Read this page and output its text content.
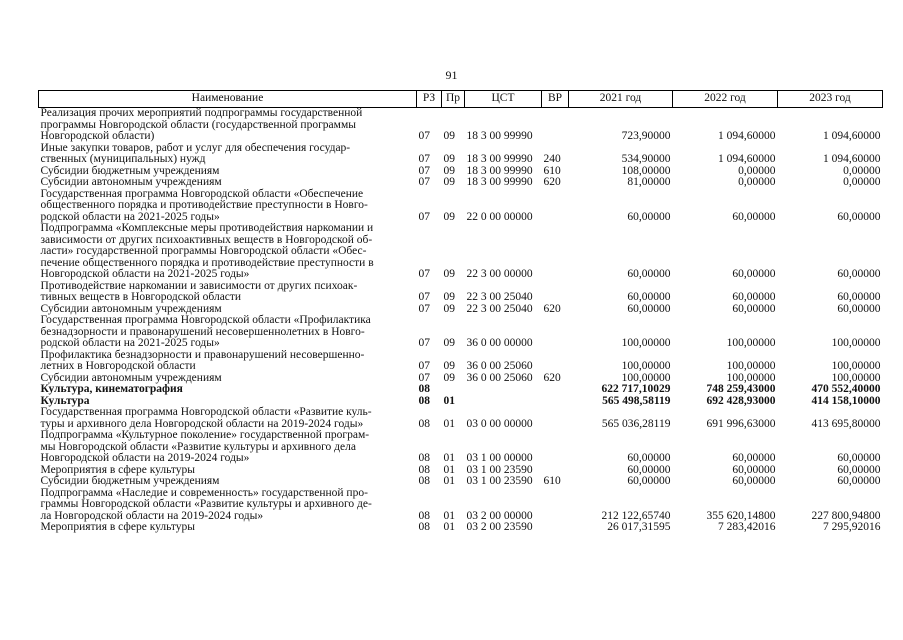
91
Наименование	РЗ	Пр	ЦСТ	ВР	2021 год	2022 год	2023 год

Реализация прочих мероприятий подпрограммы государственной
программы Новгородской области (государственной программы
Новгородской области)	07	09	18 3 00 99990		723,90000	1 094,60000	1 094,60000

Иные закупки товаров, работ и услуг для обеспечения государ-
ственных (муниципальных) нужд	07	09	18 3 00 99990	240	534,90000	1 094,60000	1 094,60000

Субсидии бюджетным учреждениям	07	09	18 3 00 99990	610	108,00000	0,00000	0,00000

Субсидии автономным учреждениям	07	09	18 3 00 99990	620	81,00000	0,00000	0,00000

Государственная программа Новгородской области «Обеспечение
общественного порядка и противодействие преступности в Новго-
родской области на 2021-2025 годы»	07	09	22 0 00 00000		60,00000	60,00000	60,00000

Подпрограмма «Комплексные меры противодействия наркомании и
зависимости от других психоактивных веществ в Новгородской об-
ласти» государственной программы Новгородской области «Обес-
печение общественного порядка и противодействие преступности в
Новгородской области на 2021-2025 годы»	07	09	22 3 00 00000		60,00000	60,00000	60,00000

Противодействие наркомании и зависимости от других психоак-
тивных веществ в Новгородской области	07	09	22 3 00 25040		60,00000	60,00000	60,00000

Субсидии автономным учреждениям	07	09	22 3 00 25040	620	60,00000	60,00000	60,00000

Государственная программа Новгородской области «Профилактика
безнадзорности и правонарушений несовершеннолетних в Новго-
родской области на 2021-2025 годы»	07	09	36 0 00 00000		100,00000	100,00000	100,00000

Профилактика безнадзорности и правонарушений несовершенно-
летних в Новгородской области	07	09	36 0 00 25060		100,00000	100,00000	100,00000

Субсидии автономным учреждениям	07	09	36 0 00 25060	620	100,00000	100,00000	100,00000

Культура, кинематография	08				622 717,10029	748 259,43000	470 552,40000

Культура	08	01			565 498,58119	692 428,93000	414 158,10000

Государственная программа Новгородской области «Развитие куль-
туры и архивного дела Новгородской области на 2019-2024 годы»	08	01	03 0 00 00000		565 036,28119	691 996,63000	413 695,80000

Подпрограмма «Культурное поколение» государственной програм-
мы Новгородской области «Развитие культуры и архивного дела
Новгородской области на 2019-2024 годы»	08	01	03 1 00 00000		60,00000	60,00000	60,00000

Мероприятия в сфере культуры	08	01	03 1 00 23590		60,00000	60,00000	60,00000

Субсидии бюджетным учреждениям	08	01	03 1 00 23590	610	60,00000	60,00000	60,00000

Подпрограмма «Наследие и современность» государственной про-
граммы Новгородской области «Развитие культуры и архивного де-
ла Новгородской области на 2019-2024 годы»	08	01	03 2 00 00000		212 122,65740	355 620,14800	227 800,94800

Мероприятия в сфере культуры	08	01	03 2 00 23590		26 017,31595	7 283,42016	7 295,92016
